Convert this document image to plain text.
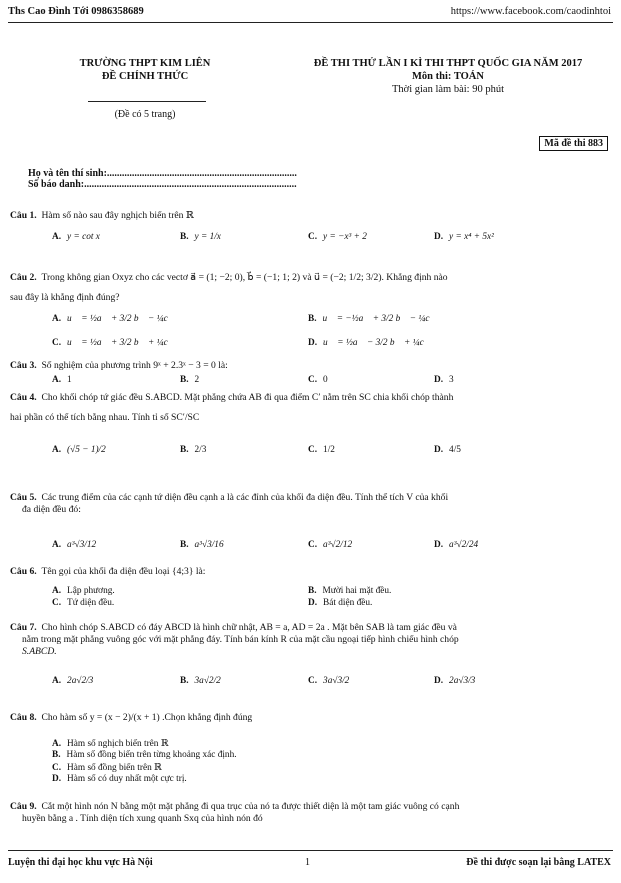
Ths Cao Đình Tới 0986358689	https://www.facebook.com/caodinhtoi
TRƯỜNG THPT KIM LIÊN
ĐỀ CHÍNH THỨC
(Đề có 5 trang)
ĐỀ THI THỬ LẦN I KÌ THI THPT QUỐC GIA NĂM 2017
Môn thi: TOÁN
Thời gian làm bài: 90 phút
Mã đề thi 883
Họ và tên thí sinh:............................................................................
Số báo danh:.....................................................................................
Câu 1. Hàm số nào sau đây nghịch biến trên ℝ
A. y = cot x	B. y = 1/x	C. y = −x³ + 2	D. y = x⁴ + 5x²
Câu 2. Trong không gian Oxyz cho các vectơ a⃗ = (1; −2; 0), b⃗ = (−1; 1; 2) và u⃗ = (−2; 1/2; 3/2). Khẳng định nào
sau đây là khẳng định đúng?
A. u⃗ = ½a⃗ + 3/2 b⃗ − ¼c⃗	B. u⃗ = −½a⃗ + 3/2 b⃗ − ¼c⃗
C. u⃗ = ½a⃗ + 3/2 b⃗ + ¼c⃗	D. u⃗ = ½a⃗ − 3/2 b⃗ + ¼c⃗
Câu 3. Số nghiệm của phương trình 9ˣ + 2.3ˣ − 3 = 0 là:
A. 1	B. 2	C. 0	D. 3
Câu 4. Cho khối chóp tứ giác đều S.ABCD. Mặt phẳng chứa AB đi qua điểm C′ nằm trên SC chia khối chóp thành
hai phần có thể tích bằng nhau. Tính tỉ số SC′/SC
A. (√5 − 1)/2	B. 2/3	C. 1/2	D. 4/5
Câu 5. Các trung điểm của các cạnh tứ diện đều cạnh a là các đỉnh của khối đa diện đều. Tính thể tích V của khối
đa diện đều đó:
A. a³√3/12	B. a³√3/16	C. a³√2/12	D. a³√2/24
Câu 6. Tên gọi của khối đa diện đều loại {4;3} là:
A. Lập phương.	B. Mười hai mặt đều.
C. Tứ diện đều.	D. Bát diện đều.
Câu 7. Cho hình chóp S.ABCD có đáy ABCD là hình chữ nhật, AB = a, AD = 2a . Mặt bên SAB là tam giác đều và
nằm trong mặt phẳng vuông góc với mặt phẳng đáy. Tính bán kính R của mặt cầu ngoại tiếp hình chiếu hình chóp
S.ABCD.
A. 2a√2/3	B. 3a√2/2	C. 3a√3/2	D. 2a√3/3
Câu 8. Cho hàm số y = (x − 2)/(x + 1) .Chọn khẳng định đúng
A. Hàm số nghịch biến trên ℝ
B. Hàm số đồng biến trên từng khoảng xác định.
C. Hàm số đồng biến trên ℝ
D. Hàm số có duy nhất một cực trị.
Câu 9. Cắt một hình nón N bằng một mặt phẳng đi qua trục của nó ta được thiết diện là một tam giác vuông có cạnh
huyền bằng a . Tính diện tích xung quanh Sxq của hình nón đó
Luyện thi đại học khu vực Hà Nội	1	Đề thi được soạn lại bằng LATEX
